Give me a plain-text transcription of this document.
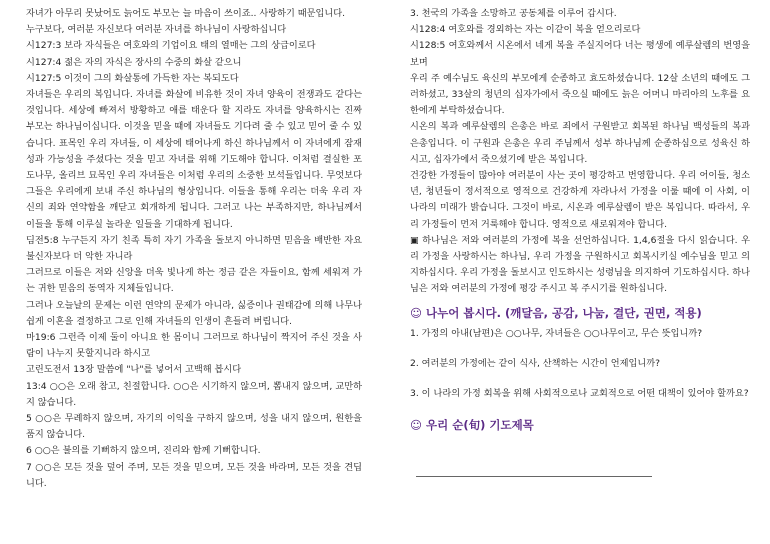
자녀가 아무리 못났어도 늙어도 부모는 늘 마음이 쓰이죠.. 사랑하기 때문입니다.

누구보다, 여러분 자신보다 여러분 자녀를 하나님이 사랑하십니다

시127:3 보라 자식들은 여호와의 기업이요 태의 열매는 그의 상급이로다

시127:4 젊은 자의 자식은 장사의 수중의 화살 같으니

시127:5 이것이 그의 화살통에 가득한 자는 복되도다

자녀들은 우리의 복입니다. 자녀를 화살에 비유한 것이 자녀 양육이 전쟁과도 같다는 것입니다. 세상에 빠져서 방황하고 애를 태운다 할 지라도 자녀를 양육하시는 진짜 부모는 하나님이십니다. 이것을 믿을 때에 자녀들도 기다려 줄 수 있고 믿어 줄 수 있습니다. 표목인 우리 자녀들, 이 세상에 태어나게 하신 하나님께서 이 자녀에게 잠재성과 가능성을 주셨다는 것을 믿고 자녀를 위해 기도해야 합니다. 이처럼 결실한 포도나무, 올리브 묘목인 우리 자녀들은 이처럼 우리의 소중한 보석들입니다. 무엇보다 그들은 우리에게 보내 주신 하나님의 형상입니다. 이들을 통해 우리는 더욱 우리 자신의 죄와 연약함을 깨닫고 회개하게 됩니다. 그러고 나는 부족하지만, 하나님께서 이들을 통해 이루실 놀라운 일들을 기대하게 됩니다.

딤전5:8 누구든지 자기 친족 특히 자기 가족을 돌보지 아니하면 믿음을 배반한 자요 불신자보다 더 악한 자니라

그러므로 이들은 저와 신앙을 더욱 빛나게 하는 정금 같은 자들이요, 함께 세워져 가는 귀한 믿음의 동역자 지체들입니다.

그러나 오늘날의 문제는 이런 연약의 문제가 아니라, 싫증이나 권태감에 의해 나무나 쉽게 이혼을 결정하고 그로 인해 자녀들의 인생이 흔들려 버립니다.

마19:6 그런즉 이제 둘이 아니요 한 몸이니 그러므로 하나님이 짝지어 주신 것을 사람이 나누지 못할지니라 하시고

고린도전서 13장 말씀에 "나"를 넣어서 고백해 봅시다

13:4 ○○은 오래 참고, 친절합니다. ○○은 시기하지 않으며, 뽐내지 않으며, 교만하지 않습니다.

5 ○○은 무례하지 않으며, 자기의 이익을 구하지 않으며, 성을 내지 않으며, 원한을 품지 않습니다.

6 ○○은 불의를 기뻐하지 않으며, 진리와 함께 기뻐합니다.

7 ○○은 모든 것을 덮어 주며, 모든 것을 믿으며, 모든 것을 바라며, 모든 것을 견딥니다.

3. 천국의 가족을 소망하고 공동체를 이루어 갑시다.

시128:4 여호와를 경외하는 자는 이같이 복을 얻으리로다

시128:5 여호와께서 시온에서 네게 복을 주실지어다 너는 평생에 예루살렘의 번영을 보며

우리 주 예수님도 육신의 부모에게 순종하고 효도하셨습니다. 12살 소년의 때에도 그러하셨고, 33살의 청년의 십자가에서 죽으실 때에도 늙은 어머니 마리아의 노후를 요한에게 부탁하셨습니다.

시온의 복과 예루살렘의 은총은 바로 죄에서 구원받고 회복된 하나님 백성들의 복과 은총입니다. 이 구원과 은총은 우리 주님께서 성부 하나님께 순종하심으로 성육신 하시고, 십자가에서 죽으셨기에 받은 복입니다.

건강한 가정들이 많아야 여러분이 사는 곳이 평강하고 번영합니다. 우리 어이들, 청소년, 청년들이 정서적으로 영적으로 건강하게 자라나서 가정을 이룰 때에 이 사회, 이 나라의 미래가 밝습니다. 그것이 바로, 시온과 예루살렘이 받은 복입니다. 따라서, 우리 가정들이 먼저 거룩해야 합니다. 영적으로 새로워져야 합니다.

▣ 하나님은 저와 여러분의 가정에 복을 선언하십니다. 1,4,6절을 다시 읽습니다. 우리 가정을 사랑하시는 하나님, 우리 가정을 구원하시고 회복시키실 예수님을 믿고 의지하십시다. 우리 가정을 돌보시고 인도하시는 성령님을 의지하여 기도하십시다. 하나님은 저와 여러분의 가정에 평강 주시고 복 주시기를 원하십니다.

☺ 나누어 봅시다. (깨달음, 공감, 나눔, 결단, 권면, 적용)

1. 가정의 아내(남편)은 ○○나무, 자녀들은 ○○나무이고, 무슨 뜻입니까?

2. 여러분의 가정에는 같이 식사, 산책하는 시간이 언제입니까?

3. 이 나라의 가정 회복을 위해 사회적으로나 교회적으로 어떤 대책이 있어야 할까요?

☺ 우리 순(旬) 기도제목
